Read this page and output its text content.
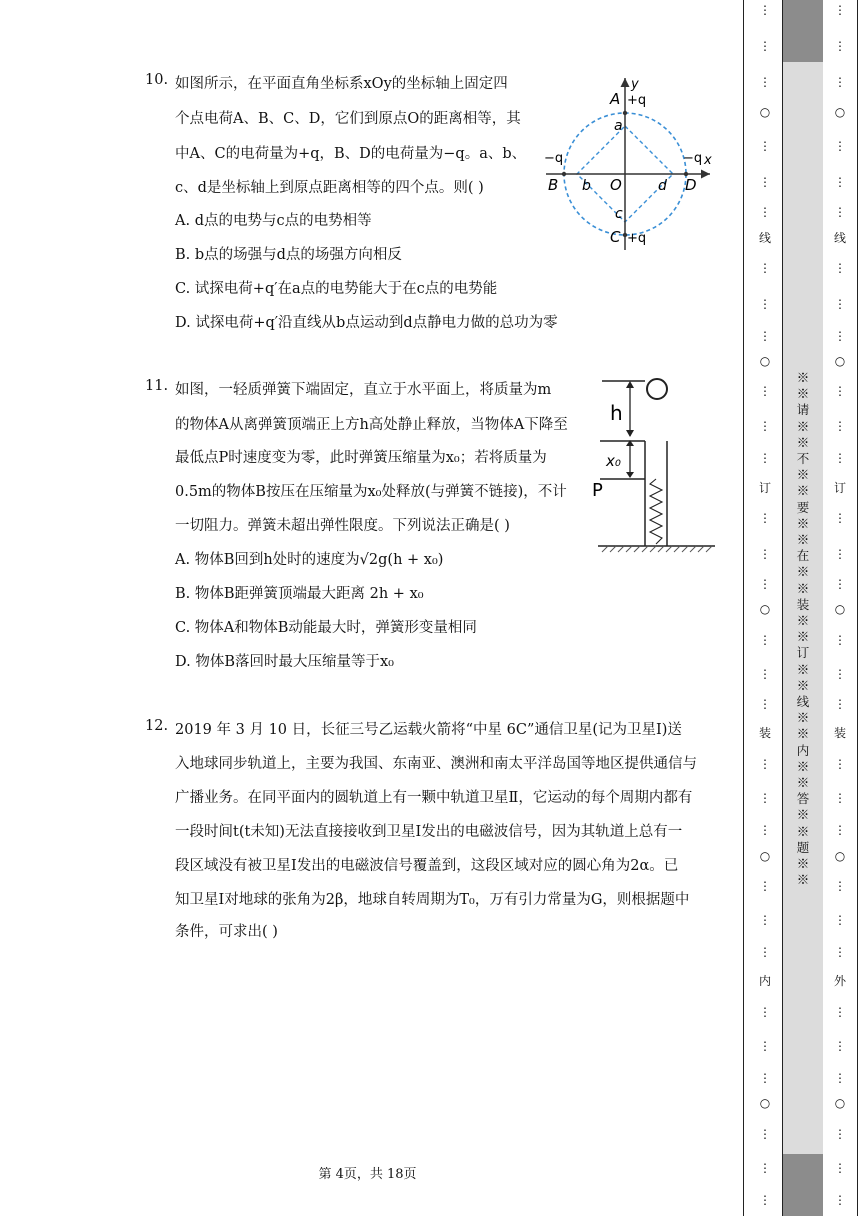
10. 如图所示，在平面直角坐标系xOy的坐标轴上固定四
个点电荷A、B、C、D，它们到原点O的距离相等，其
中A、C的电荷量为+q，B、D的电荷量为−q。a、b、
c、d是坐标轴上到原点距离相等的四个点。则( )
A. d点的电势与c点的电势相等
B. b点的场强与d点的场强方向相反
C. 试探电荷+q′在a点的电势能大于在c点的电势能
D. 试探电荷+q′沿直线从b点运动到d点静电力做的总功为零
y
x
A +q
a
−q	−q
B b O	d D
c
C +q
11. 如图，一轻质弹簧下端固定，直立于水平面上，将质量为m
的物体A从离弹簧顶端正上方h高处静止释放，当物体A下降至
最低点P时速度变为零，此时弹簧压缩量为x₀；若将质量为
0.5m的物体B按压在压缩量为x₀处释放(与弹簧不链接)，不计
一切阻力。弹簧未超出弹性限度。下列说法正确是( )
A. 物体B回到h处时的速度为√2g(h + x₀)
B. 物体B距弹簧顶端最大距离 2h + x₀
C. 物体A和物体B动能最大时，弹簧形变量相同
D. 物体B落回时最大压缩量等于x₀
h
x₀
P
12. 2019 年 3 月 10 日，长征三号乙运载火箭将“中星 6C”通信卫星(记为卫星Ⅰ)送
入地球同步轨道上，主要为我国、东南亚、澳洲和南太平洋岛国等地区提供通信与
广播业务。在同平面内的圆轨道上有一颗中轨道卫星Ⅱ，它运动的每个周期内都有
一段时间t(t未知)无法直接接收到卫星Ⅰ发出的电磁波信号，因为其轨道上总有一
段区域没有被卫星Ⅰ发出的电磁波信号覆盖到，这段区域对应的圆心角为2α。已
知卫星Ⅰ对地球的张角为2β，地球自转周期为T₀，万有引力常量为G，则根据题中
条件，可求出( )
第 4页，共 18页
※※请※※不※※要※※在※※装※※订※※线※※内※※答※※题※※
⋮
⋮
⋮
○
⋮
⋮
⋮
线
⋮
⋮
⋮
○
⋮
⋮
⋮
订
⋮
⋮
⋮
○
⋮
⋮
⋮
装
⋮
⋮
⋮
○
⋮
⋮
⋮
内
⋮
⋮
⋮
○
⋮
⋮
⋮
⋮
⋮
⋮
○
⋮
⋮
⋮
线
⋮
⋮
⋮
○
⋮
⋮
⋮
订
⋮
⋮
⋮
○
⋮
⋮
⋮
装
⋮
⋮
⋮
○
⋮
⋮
⋮
外
⋮
⋮
⋮
○
⋮
⋮
⋮
